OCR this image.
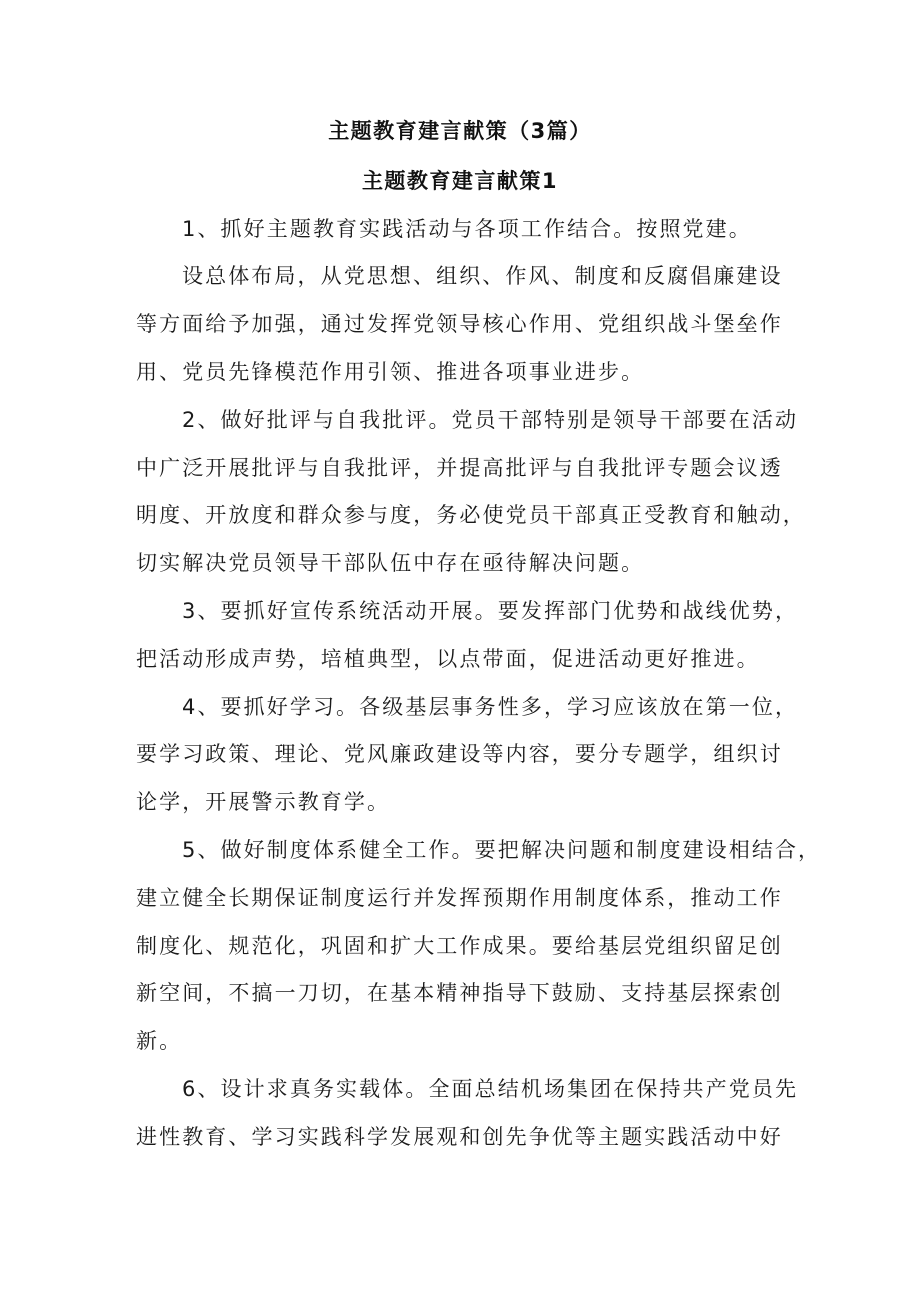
主题教育建言献策（3篇）
主题教育建言献策1
1、抓好主题教育实践活动与各项工作结合。按照党建。
设总体布局，从党思想、组织、作风、制度和反腐倡廉建设
等方面给予加强，通过发挥党领导核心作用、党组织战斗堡垒作
用、党员先锋模范作用引领、推进各项事业进步。
2、做好批评与自我批评。党员干部特别是领导干部要在活动
中广泛开展批评与自我批评，并提高批评与自我批评专题会议透
明度、开放度和群众参与度，务必使党员干部真正受教育和触动，
切实解决党员领导干部队伍中存在亟待解决问题。
3、要抓好宣传系统活动开展。要发挥部门优势和战线优势，
把活动形成声势，培植典型，以点带面，促进活动更好推进。
4、要抓好学习。各级基层事务性多，学习应该放在第一位，
要学习政策、理论、党风廉政建设等内容，要分专题学，组织讨
论学，开展警示教育学。
5、做好制度体系健全工作。要把解决问题和制度建设相结合，
建立健全长期保证制度运行并发挥预期作用制度体系，推动工作
制度化、规范化，巩固和扩大工作成果。要给基层党组织留足创
新空间，不搞一刀切，在基本精神指导下鼓励、支持基层探索创
新。
6、设计求真务实载体。全面总结机场集团在保持共产党员先
进性教育、学习实践科学发展观和创先争优等主题实践活动中好
